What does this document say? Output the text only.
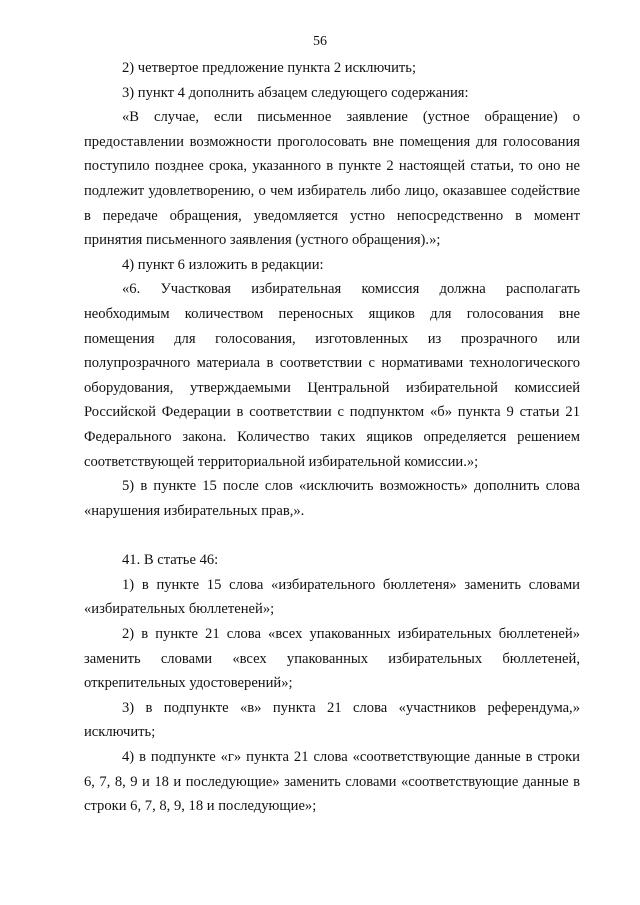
56

2) четвертое предложение пункта 2 исключить;

3) пункт 4 дополнить абзацем следующего содержания:

«В случае, если письменное заявление (устное обращение) о предоставлении возможности проголосовать вне помещения для голосования поступило позднее срока, указанного в пункте 2 настоящей статьи, то оно не подлежит удовлетворению, о чем избиратель либо лицо, оказавшее содействие в передаче обращения, уведомляется устно непосредственно в момент принятия письменного заявления (устного обращения).»;

4) пункт 6 изложить в редакции:

«6. Участковая избирательная комиссия должна располагать необходимым количеством переносных ящиков для голосования вне помещения для голосования, изготовленных из прозрачного или полупрозрачного материала в соответствии с нормативами технологического оборудования, утверждаемыми Центральной избирательной комиссией Российской Федерации в соответствии с подпунктом «б» пункта 9 статьи 21 Федерального закона. Количество таких ящиков определяется решением соответствующей территориальной избирательной комиссии.»;

5) в пункте 15 после слов «исключить возможность» дополнить слова «нарушения избирательных прав,».

41. В статье 46:

1) в пункте 15 слова «избирательного бюллетеня» заменить словами «избирательных бюллетеней»;

2) в пункте 21 слова «всех упакованных избирательных бюллетеней» заменить словами «всех упакованных избирательных бюллетеней, открепительных удостоверений»;

3) в подпункте «в» пункта 21 слова «участников референдума,» исключить;

4) в подпункте «г» пункта 21 слова «соответствующие данные в строки 6, 7, 8, 9 и 18 и последующие» заменить словами «соответствующие данные в строки 6, 7, 8, 9, 18 и последующие»;
